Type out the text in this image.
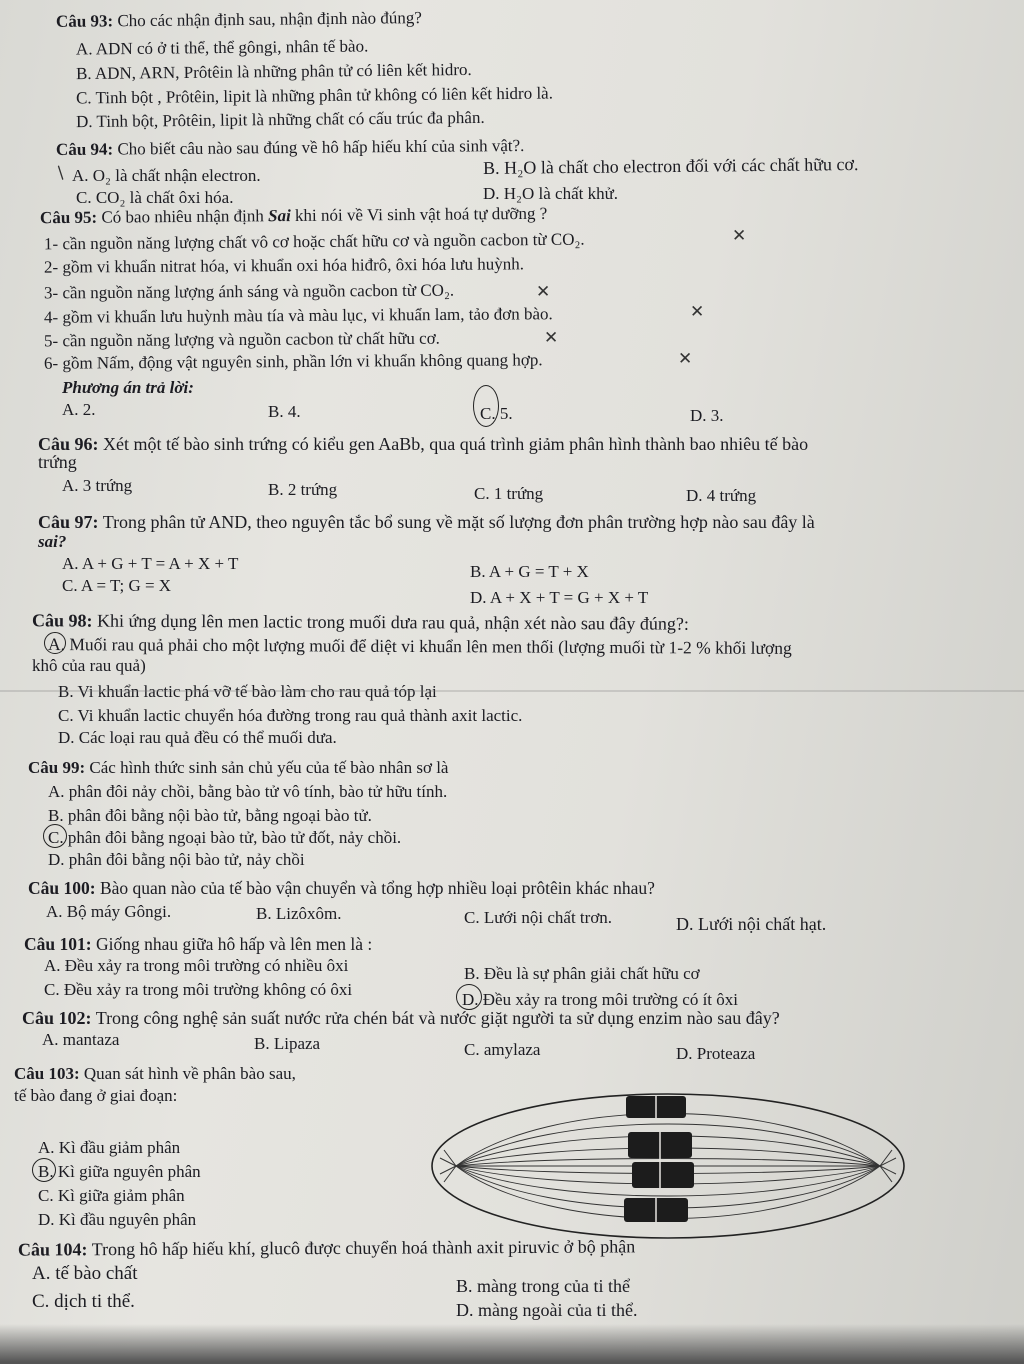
Câu 93: Cho các nhận định sau, nhận định nào đúng?
A. ADN có ở ti thể, thể gôngi, nhân tế bào.
B. ADN, ARN, Prôtêin là những phân tử có liên kết hidro.
C. Tinh bột , Prôtêin, lipit là những phân tử không có liên kết hidro là.
D. Tinh bột, Prôtêin, lipit là những chất có cấu trúc đa phân.
Câu 94: Cho biết câu nào sau đúng về hô hấp hiếu khí của sinh vật?.
A. O₂ là chất nhận electron.	B. H₂O là chất cho electron đối với các chất hữu cơ.
C. CO₂ là chất ôxi hóa.	D. H₂O là chất khử.
/
Câu 95: Có bao nhiêu nhận định Sai khi nói về Vi sinh vật hoá tự dưỡng ?
1- cần nguồn năng lượng chất vô cơ hoặc chất hữu cơ và nguồn cacbon từ CO₂.
2- gồm vi khuẩn nitrat hóa, vi khuẩn oxi hóa hiđrô, ôxi hóa lưu huỳnh.
3- cần nguồn năng lượng ánh sáng và nguồn cacbon từ CO₂.
4- gồm vi khuẩn lưu huỳnh màu tía và màu lục, vi khuẩn lam, tảo đơn bào.
5- cần nguồn năng lượng và nguồn cacbon từ chất hữu cơ.
6- gồm Nấm, động vật nguyên sinh, phần lớn vi khuẩn không quang hợp.
✕
✕
✕
✕
✕
Phương án trả lời:
A. 2.	B. 4.	C. 5.	D. 3.
Câu 96: Xét một tế bào sinh trứng có kiểu gen AaBb, qua quá trình giảm phân hình thành bao nhiêu tế bào
trứng
A. 3 trứng	B. 2 trứng	C. 1 trứng	D. 4 trứng
Câu 97: Trong phân tử AND, theo nguyên tắc bổ sung về mặt số lượng đơn phân trường hợp nào sau đây là
sai?
A. A + G + T = A + X + T	B. A + G = T + X
C. A = T; G = X
D. A + X + T = G + X + T
Câu 98: Khi ứng dụng lên men lactic trong muối dưa rau quả, nhận xét nào sau đây đúng?:
A. Muối rau quả phải cho một lượng muối để diệt vi khuẩn lên men thối (lượng muối từ 1-2 % khối lượng
khô của rau quả)
B. Vi khuẩn lactic phá vỡ tế bào làm cho rau quả tóp lại
C. Vi khuẩn lactic chuyển hóa đường trong rau quả thành axit lactic.
D. Các loại rau quả đều có thể muối dưa.
Câu 99: Các hình thức sinh sản chủ yếu của tế bào nhân sơ là
A. phân đôi nảy chồi, bằng bào tử vô tính, bào tử hữu tính.
B. phân đôi bằng nội bào tử, bằng ngoại bào tử.
C. phân đôi bằng ngoại bào tử, bào tử đốt, nảy chồi.
D. phân đôi bằng nội bào tử, nảy chồi
Câu 100: Bào quan nào của tế bào vận chuyển và tổng hợp nhiều loại prôtêin khác nhau?
A. Bộ máy Gôngi.	B. Lizôxôm.	C. Lưới nội chất trơn.	D. Lưới nội chất hạt.
Câu 101: Giống nhau giữa hô hấp và lên men là :
A. Đều xảy ra trong môi trường có nhiều ôxi	B. Đều là sự phân giải chất hữu cơ
C. Đều xảy ra trong môi trường không có ôxi
D. Đều xảy ra trong môi trường có ít ôxi
Câu 102: Trong công nghệ sản suất nước rửa chén bát và nước giặt người ta sử dụng enzim nào sau đây?
A. mantaza	B. Lipaza	C. amylaza	D. Proteaza
Câu 103: Quan sát hình về phân bào sau,
tế bào đang ở giai đoạn:
A. Kì đầu giảm phân
B. Kì giữa nguyên phân
C. Kì giữa giảm phân
D. Kì đầu nguyên phân
Câu 104: Trong hô hấp hiếu khí, glucô được chuyển hoá thành axit piruvic ở bộ phận
A. tế bào chất
B. màng trong của ti thể
C. dịch ti thể.	D. màng ngoài của ti thể.
